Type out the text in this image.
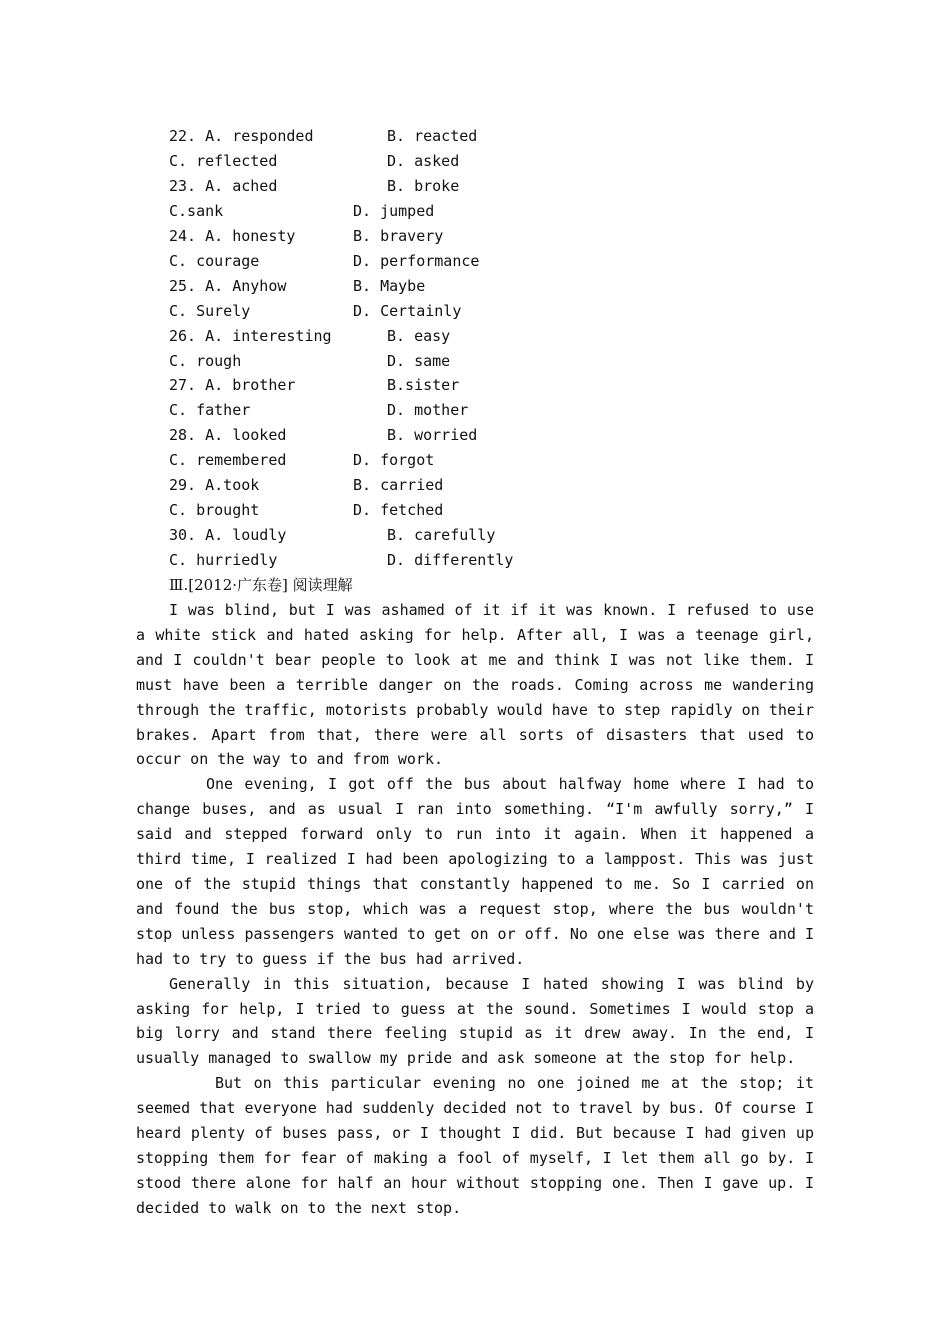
22. A. responded	B. reacted
C. reflected	D. asked
23. A. ached	B. broke
C.sank	D. jumped
24. A. honesty	B. bravery
C. courage	D. performance
25. A. Anyhow	B. Maybe
C. Surely	D. Certainly
26. A. interesting	B. easy
C. rough	D. same
27. A. brother	B.sister
C. father	D. mother
28. A. looked	B. worried
C. remembered	D. forgot
29. A.took	B. carried
C. brought	D. fetched
30. A. loudly	B. carefully
C. hurriedly	D. differently
Ⅲ.[2012·广东卷] 阅读理解

I was blind, but I was ashamed of it if it was known. I refused to use a white stick and hated asking for help. After all, I was a teenage girl, and I couldn't bear people to look at me and think I was not like them. I must have been a terrible danger on the roads. Coming across me wandering through the traffic, motorists probably would have to step rapidly on their brakes. Apart from that, there were all sorts of disasters that used to occur on the way to and from work.

One evening, I got off the bus about halfway home where I had to change buses, and as usual I ran into something. “I'm awfully sorry,” I said and stepped forward only to run into it again. When it happened a third time, I realized I had been apologizing to a lamppost. This was just one of the stupid things that constantly happened to me. So I carried on and found the bus stop, which was a request stop, where the bus wouldn't stop unless passengers wanted to get on or off. No one else was there and I had to try to guess if the bus had arrived.

Generally in this situation, because I hated showing I was blind by asking for help, I tried to guess at the sound. Sometimes I would stop a big lorry and stand there feeling stupid as it drew away. In the end, I usually managed to swallow my pride and ask someone at the stop for help.

But on this particular evening no one joined me at the stop; it seemed that everyone had suddenly decided not to travel by bus. Of course I heard plenty of buses pass, or I thought I did. But because I had given up stopping them for fear of making a fool of myself, I let them all go by. I stood there alone for half an hour without stopping one. Then I gave up. I decided to walk on to the next stop.
